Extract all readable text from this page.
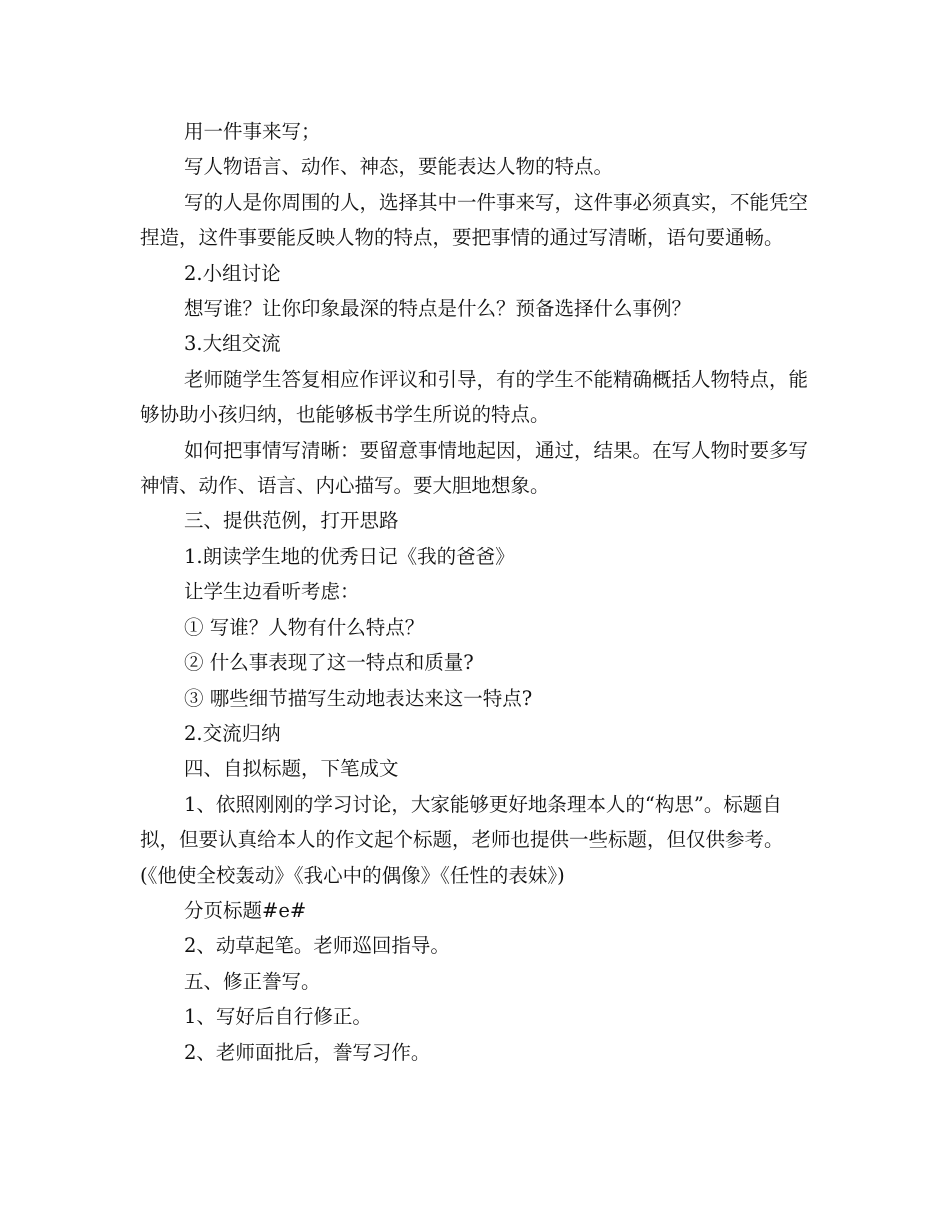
用一件事来写；

写人物语言、动作、神态，要能表达人物的特点。

写的人是你周围的人，选择其中一件事来写，这件事必须真实，不能凭空捏造，这件事要能反映人物的特点，要把事情的通过写清晰，语句要通畅。

2.小组讨论

想写谁？让你印象最深的特点是什么？预备选择什么事例？

3.大组交流

老师随学生答复相应作评议和引导，有的学生不能精确概括人物特点，能够协助小孩归纳，也能够板书学生所说的特点。

如何把事情写清晰：要留意事情地起因，通过，结果。在写人物时要多写神情、动作、语言、内心描写。要大胆地想象。

三、提供范例，打开思路

1.朗读学生地的优秀日记《我的爸爸》

让学生边看听考虑：

① 写谁？人物有什么特点？

② 什么事表现了这一特点和质量?

③ 哪些细节描写生动地表达来这一特点?

2.交流归纳

四、自拟标题，下笔成文

1、依照刚刚的学习讨论，大家能够更好地条理本人的“构思”。标题自拟，但要认真给本人的作文起个标题，老师也提供一些标题，但仅供参考。(《他使全校轰动》《我心中的偶像》《任性的表妹》)

分页标题#e#

2、动草起笔。老师巡回指导。

五、修正誊写。

1、写好后自行修正。

2、老师面批后，誊写习作。
